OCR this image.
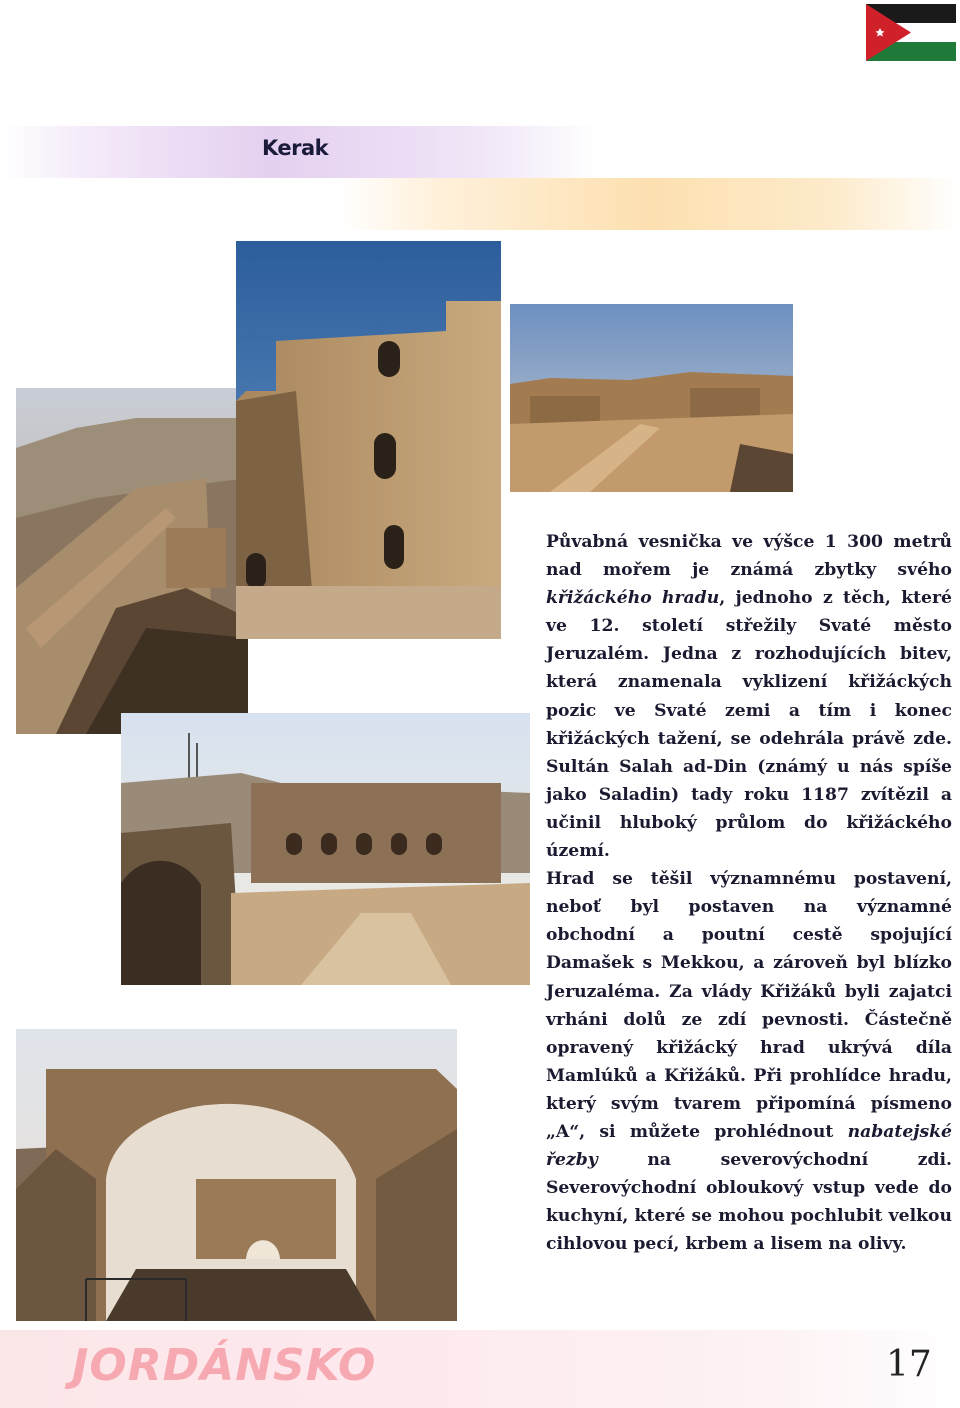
Kerak

Půvabná vesnička ve výšce 1 300 metrů nad mořem je známá zbytky svého křižáckého hradu, jednoho z těch, které ve 12. století střežily Svaté město Jeruzalém. Jedna z rozhodujících bitev, která znamenala vyklizení křižáckých pozic ve Svaté zemi a tím i konec křižáckých tažení, se odehrála právě zde. Sultán Salah ad-Din (známý u nás spíše jako Saladin) tady roku 1187 zvítězil a učinil hluboký průlom do křižáckého území.

Hrad se těšil významnému postavení, neboť byl postaven na významné obchodní a poutní cestě spojující Damašek s Mekkou, a zároveň byl blízko Jeruzaléma. Za vlády Křižáků byli zajatci vrháni dolů ze zdí pevnosti. Částečně opravený křižácký hrad ukrývá díla Mamlúků a Křižáků. Při prohlídce hradu, který svým tvarem připomíná písmeno „A“, si můžete prohlédnout nabatejské řezby na severovýchodní zdi. Severovýchodní obloukový vstup vede do kuchyní, které se mohou pochlubit velkou cihlovou pecí, krbem a lisem na olivy.

JORDÁNSKO	17
